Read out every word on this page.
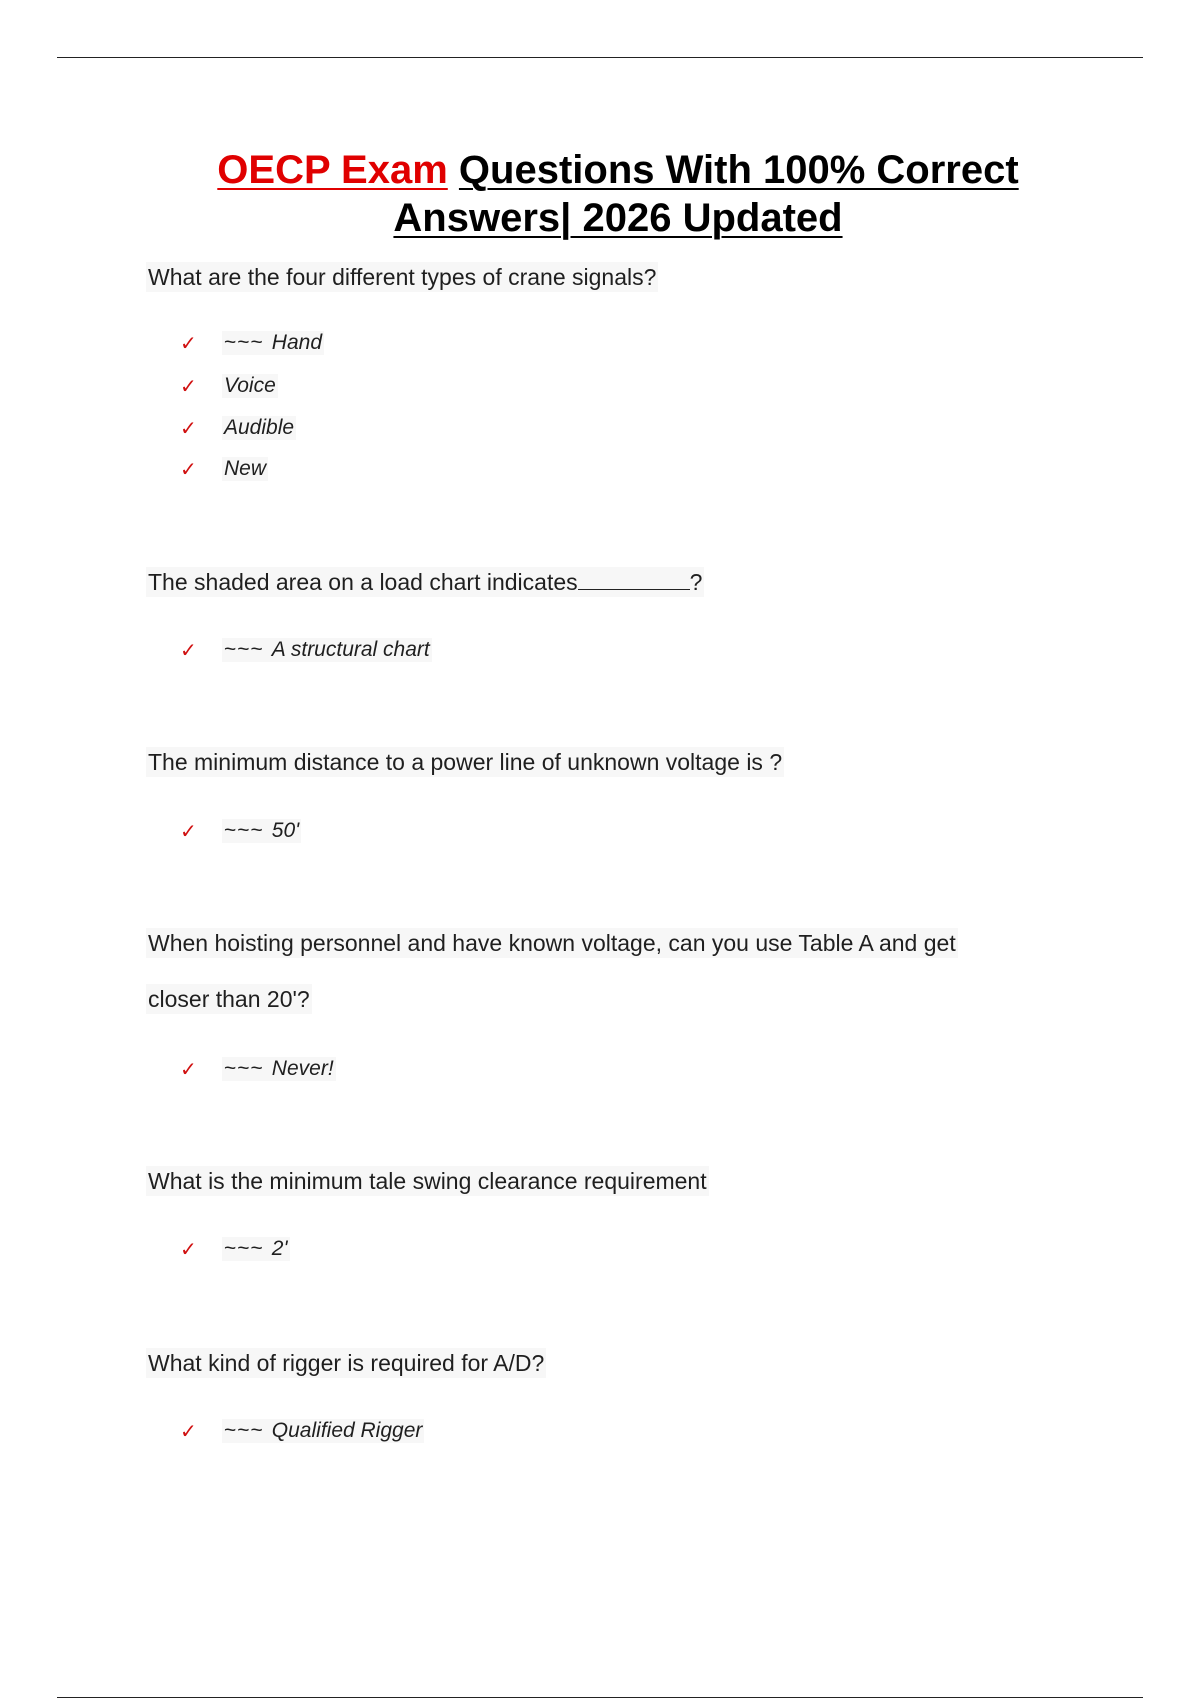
OECP Exam Questions With 100% Correct
Answers| 2026 Updated

What are the four different types of crane signals?

✓	~~~ Hand
✓	Voice
✓	Audible
✓	New

The shaded area on a load chart indicates	?

✓	~~~ A structural chart

The minimum distance to a power line of unknown voltage is ?

✓	~~~ 50'

When hoisting personnel and have known voltage, can you use Table A and get

closer than 20'?

✓	~~~ Never!

What is the minimum tale swing clearance requirement

✓	~~~ 2'

What kind of rigger is required for A/D?

✓	~~~ Qualified Rigger
